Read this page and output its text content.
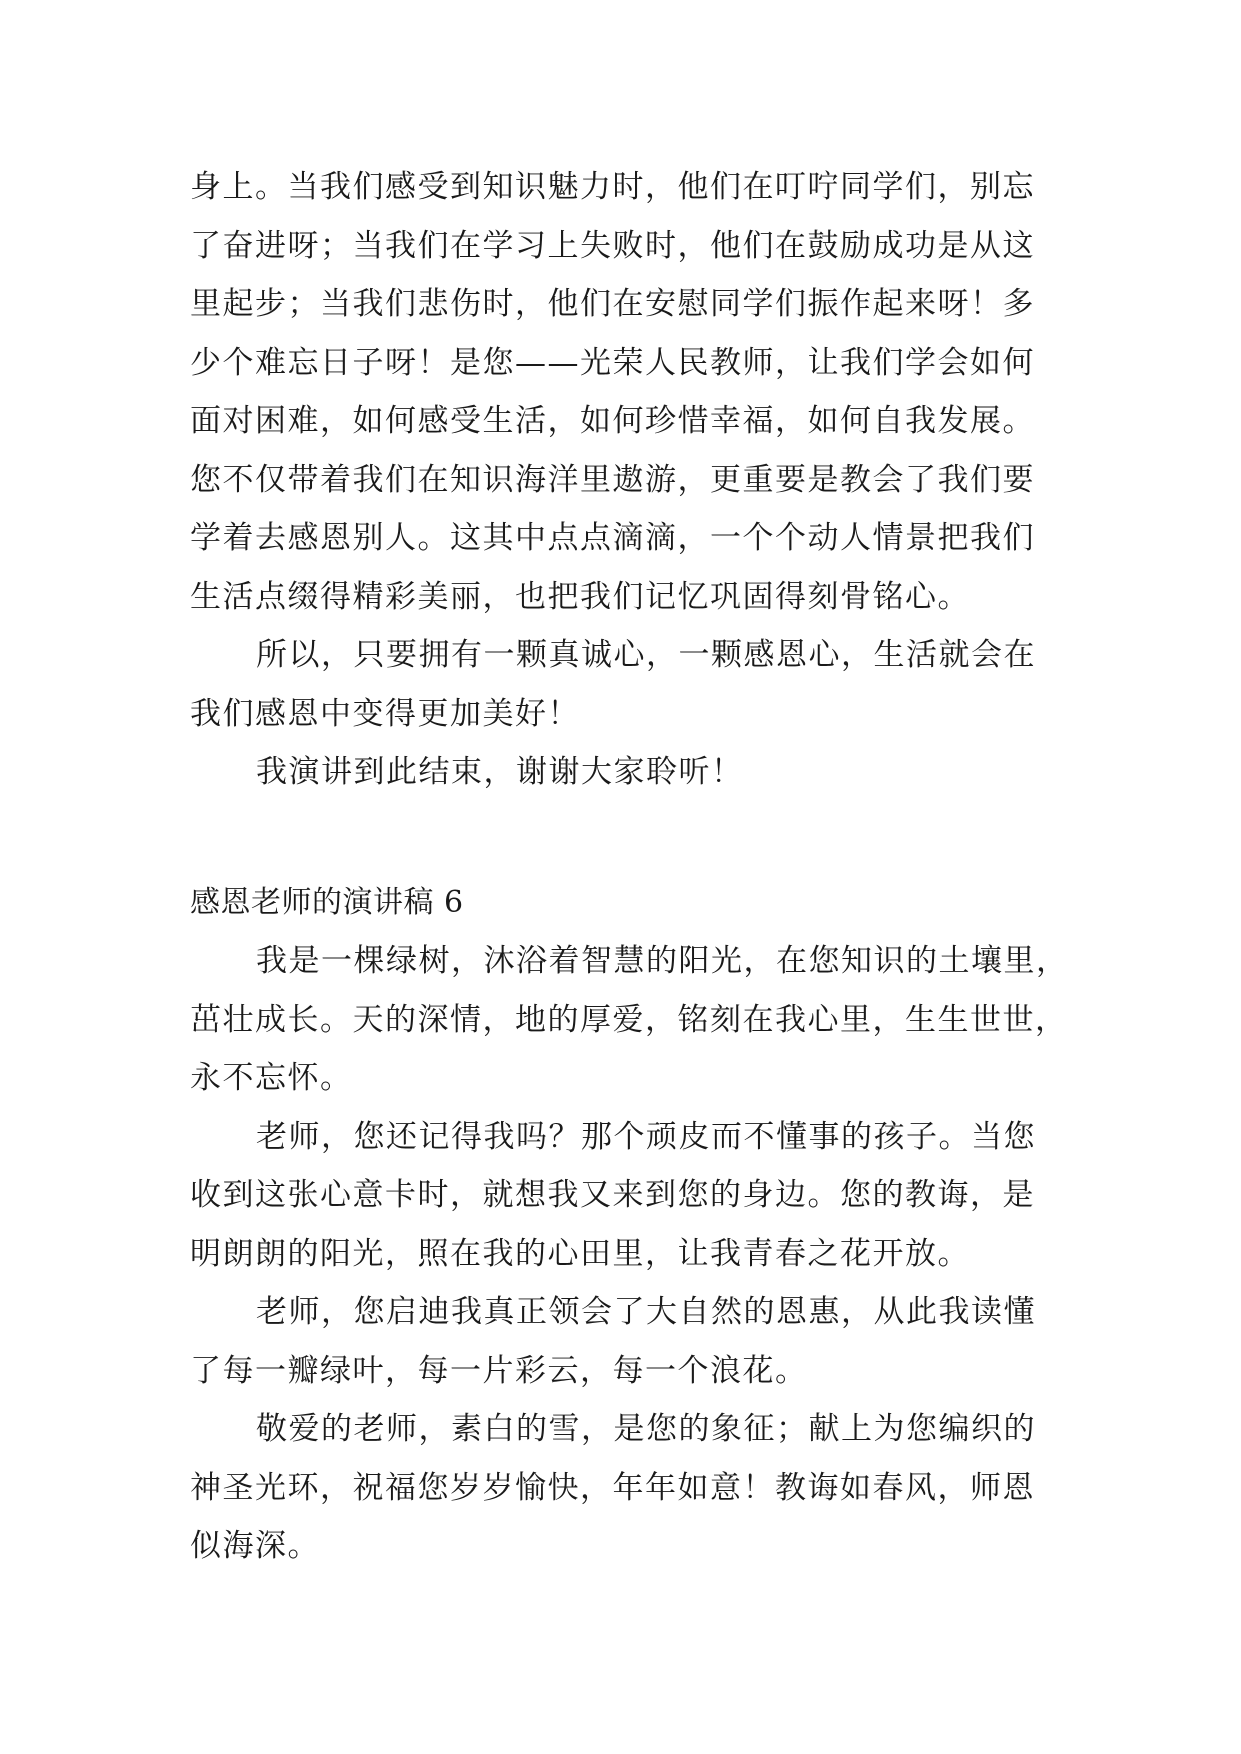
身上。当我们感受到知识魅力时，他们在叮咛同学们，别忘
了奋进呀；当我们在学习上失败时，他们在鼓励成功是从这
里起步；当我们悲伤时，他们在安慰同学们振作起来呀！多
少个难忘日子呀！是您——光荣人民教师，让我们学会如何
面对困难，如何感受生活，如何珍惜幸福，如何自我发展。
您不仅带着我们在知识海洋里遨游，更重要是教会了我们要
学着去感恩别人。这其中点点滴滴，一个个动人情景把我们
生活点缀得精彩美丽，也把我们记忆巩固得刻骨铭心。
所以，只要拥有一颗真诚心，一颗感恩心，生活就会在
我们感恩中变得更加美好！
我演讲到此结束，谢谢大家聆听！
感恩老师的演讲稿 6
我是一棵绿树，沐浴着智慧的阳光，在您知识的土壤里，
茁壮成长。天的深情，地的厚爱，铭刻在我心里，生生世世，
永不忘怀。
老师，您还记得我吗？那个顽皮而不懂事的孩子。当您
收到这张心意卡时，就想我又来到您的身边。您的教诲，是
明朗朗的阳光，照在我的心田里，让我青春之花开放。
老师，您启迪我真正领会了大自然的恩惠，从此我读懂
了每一瓣绿叶，每一片彩云，每一个浪花。
敬爱的老师，素白的雪，是您的象征；献上为您编织的
神圣光环，祝福您岁岁愉快，年年如意！教诲如春风，师恩
似海深。
